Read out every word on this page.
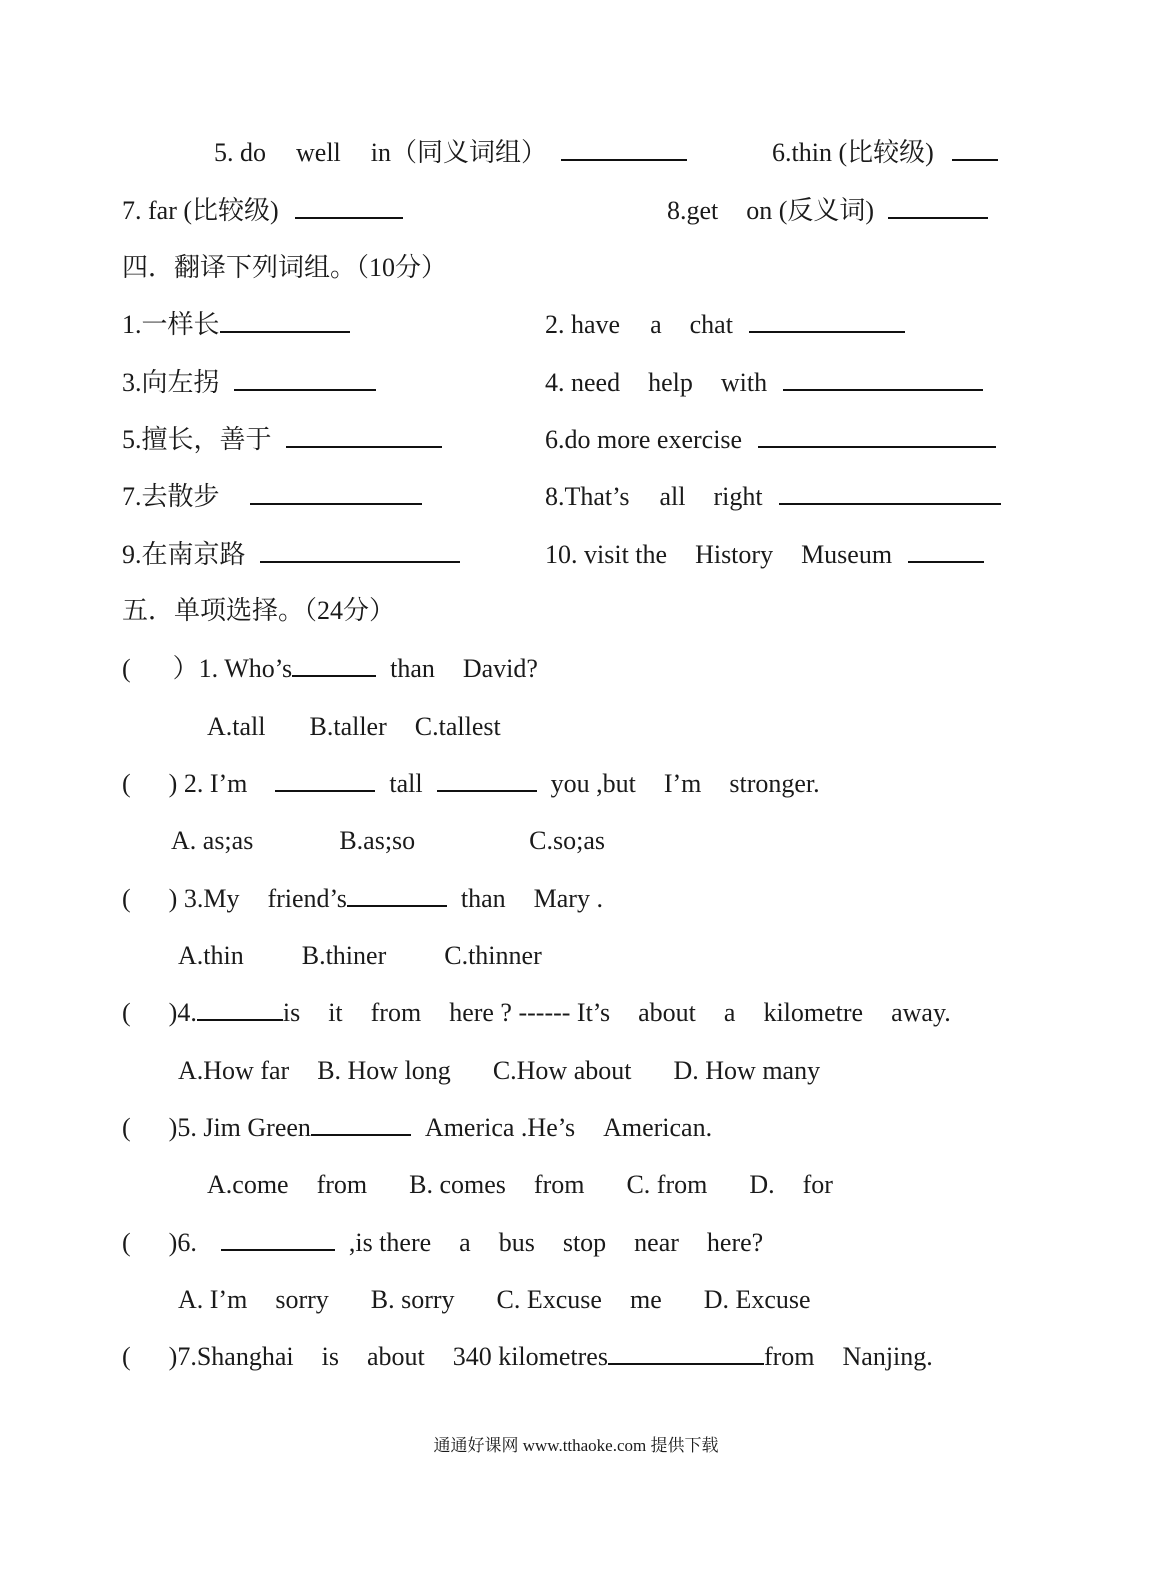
5. do well in（同义词组）	6.thin (比较级)
7. far (比较级)	8.get on (反义词)
四．翻译下列词组。（10分）
1.一样长	2. have a chat
3.向左拐	4. need help with
5.擅长，善于	6.do more exercise
7.去散步	8.That’s all right
9.在南京路	10. visit the History Museum
五．单项选择。（24分）
( ）1. Who’s	than David?
A.tall B.taller C.tallest
( ) 2. I’m	tall	you ,but I’m stronger.
A. as;as	B.as;so	C.so;as
( ) 3.My friend’s	than Mary .
A.thin B.thiner C.thinner
( )4.	is it from here ? ------ It’s about a kilometre away.
A.How far B. How long C.How about D. How many
( )5. Jim Green	America .He’s American.
A.come from B. comes from C. from D. for
( )6.	,is there a bus stop near here?
A. I’m sorry B. sorry C. Excuse me D. Excuse
( )7.Shanghai is about 340 kilometres	from Nanjing.
通通好课网 www.tthaoke.com 提供下载
